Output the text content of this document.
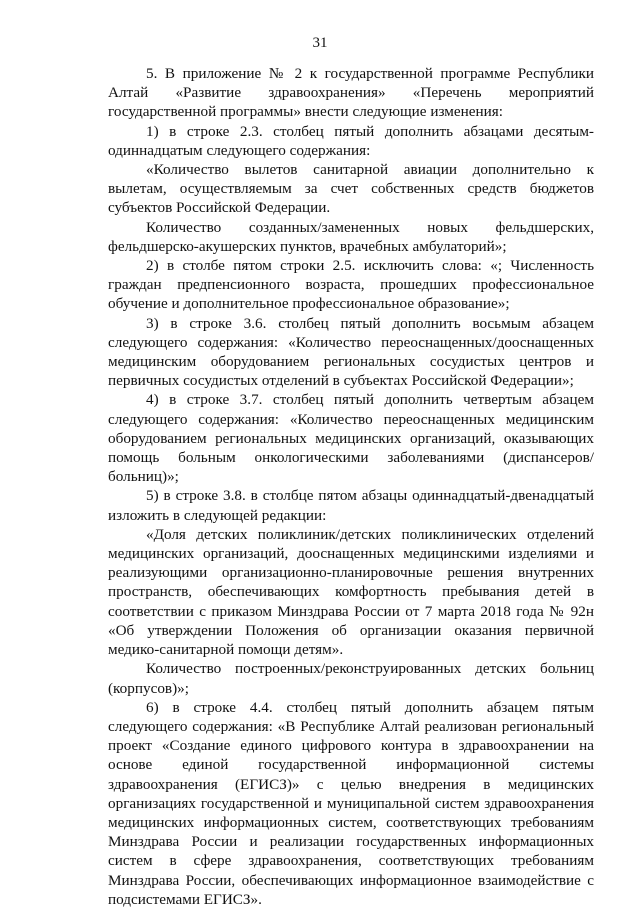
31

5. В приложение № 2 к государственной программе Республики Алтай «Развитие здравоохранения» «Перечень мероприятий государственной программы» внести следующие изменения:

1) в строке 2.3. столбец пятый дополнить абзацами десятым-одиннадцатым следующего содержания:

«Количество вылетов санитарной авиации дополнительно к вылетам, осуществляемым за счет собственных средств бюджетов субъектов Российской Федерации.

Количество созданных/замененных новых фельдшерских, фельдшерско-акушерских пунктов, врачебных амбулаторий»;

2) в столбе пятом строки 2.5. исключить слова: «; Численность граждан предпенсионного возраста, прошедших профессиональное обучение и дополнительное профессиональное образование»;

3) в строке 3.6. столбец пятый дополнить восьмым абзацем следующего содержания: «Количество переоснащенных/дооснащенных медицинским оборудованием региональных сосудистых центров и первичных сосудистых отделений в субъектах Российской Федерации»;

4) в строке 3.7. столбец пятый дополнить четвертым абзацем следующего содержания: «Количество переоснащенных медицинским оборудованием региональных медицинских организаций, оказывающих помощь больным онкологическими заболеваниями (диспансеров/больниц)»;

5) в строке 3.8. в столбце пятом абзацы одиннадцатый-двенадцатый изложить в следующей редакции:

«Доля детских поликлиник/детских поликлинических отделений медицинских организаций, дооснащенных медицинскими изделиями и реализующими организационно-планировочные решения внутренних пространств, обеспечивающих комфортность пребывания детей в соответствии с приказом Минздрава России от 7 марта 2018 года № 92н «Об утверждении Положения об организации оказания первичной медико-санитарной помощи детям».

Количество построенных/реконструированных детских больниц (корпусов)»;

6) в строке 4.4. столбец пятый дополнить абзацем пятым следующего содержания: «В Республике Алтай реализован региональный проект «Создание единого цифрового контура в здравоохранении на основе единой государственной информационной системы здравоохранения (ЕГИСЗ)» с целью внедрения в медицинских организациях государственной и муниципальной систем здравоохранения медицинских информационных систем, соответствующих требованиям Минздрава России и реализации государственных информационных систем в сфере здравоохранения, соответствующих требованиям Минздрава России, обеспечивающих информационное взаимодействие с подсистемами ЕГИСЗ».
